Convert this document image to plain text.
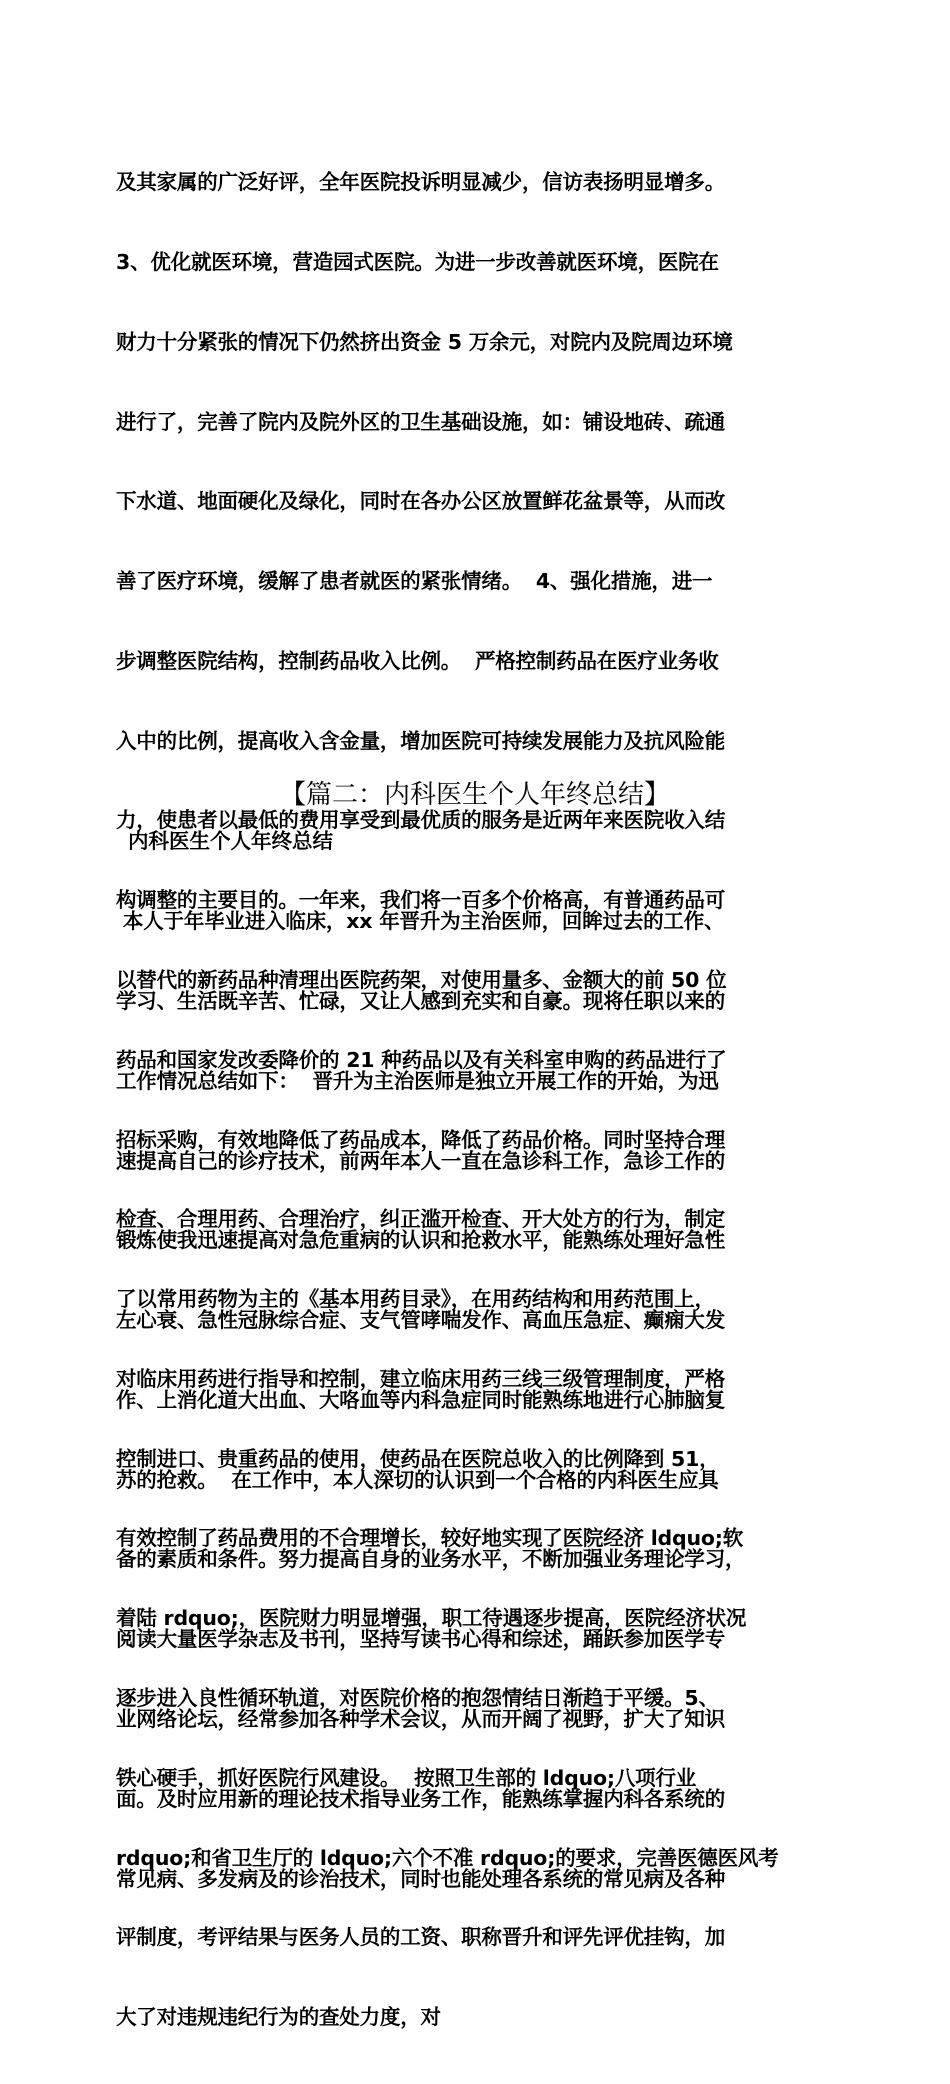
及其家属的广泛好评，全年医院投诉明显减少，信访表扬明显增多。

3、优化就医环境，营造园式医院。为进一步改善就医环境，医院在

财力十分紧张的情况下仍然挤出资金 5 万余元，对院内及院周边环境

进行了，完善了院内及院外区的卫生基础设施，如：铺设地砖、疏通

下水道、地面硬化及绿化，同时在各办公区放置鲜花盆景等，从而改

善了医疗环境，缓解了患者就医的紧张情绪。  4、强化措施，进一

步调整医院结构，控制药品收入比例。  严格控制药品在医疗业务收

入中的比例，提高收入含金量，增加医院可持续发展能力及抗风险能

力，使患者以最低的费用享受到最优质的服务是近两年来医院收入结

构调整的主要目的。一年来，我们将一百多个价格高，有普通药品可

以替代的新药品种清理出医院药架，对使用量多、金额大的前 50 位

药品和国家发改委降价的 21 种药品以及有关科室申购的药品进行了

招标采购，有效地降低了药品成本，降低了药品价格。同时坚持合理

检查、合理用药、合理治疗，纠正滥开检查、开大处方的行为，制定

了以常用药物为主的《基本用药目录》，在用药结构和用药范围上，

对临床用药进行指导和控制，建立临床用药三线三级管理制度，严格

控制进口、贵重药品的使用，使药品在医院总收入的比例降到 51，

有效控制了药品费用的不合理增长，较好地实现了医院经济 ldquo;软

着陆 rdquo;，医院财力明显增强，职工待遇逐步提高，医院经济状况

逐步进入良性循环轨道，对医院价格的抱怨情结日渐趋于平缓。5、

铁心硬手，抓好医院行风建设。  按照卫生部的 ldquo;八项行业

rdquo;和省卫生厅的 ldquo;六个不准 rdquo;的要求，完善医德医风考

评制度，考评结果与医务人员的工资、职称晋升和评先评优挂钩，加

大了对违规违纪行为的查处力度，对

【篇二：内科医生个人年终总结】
内科医生个人年终总结

本人于年毕业进入临床，xx 年晋升为主治医师，回眸过去的工作、

学习、生活既辛苦、忙碌，又让人感到充实和自豪。现将任职以来的

工作情况总结如下：  晋升为主治医师是独立开展工作的开始，为迅

速提高自己的诊疗技术，前两年本人一直在急诊科工作，急诊工作的

锻炼使我迅速提高对急危重病的认识和抢救水平，能熟练处理好急性

左心衰、急性冠脉综合症、支气管哮喘发作、高血压急症、癫痫大发

作、上消化道大出血、大咯血等内科急症同时能熟练地进行心肺脑复

苏的抢救。  在工作中，本人深切的认识到一个合格的内科医生应具

备的素质和条件。努力提高自身的业务水平，不断加强业务理论学习，

阅读大量医学杂志及书刊，坚持写读书心得和综述，踊跃参加医学专

业网络论坛，经常参加各种学术会议，从而开阔了视野，扩大了知识

面。及时应用新的理论技术指导业务工作，能熟练掌握内科各系统的

常见病、多发病及的诊治技术，同时也能处理各系统的常见病及各种
